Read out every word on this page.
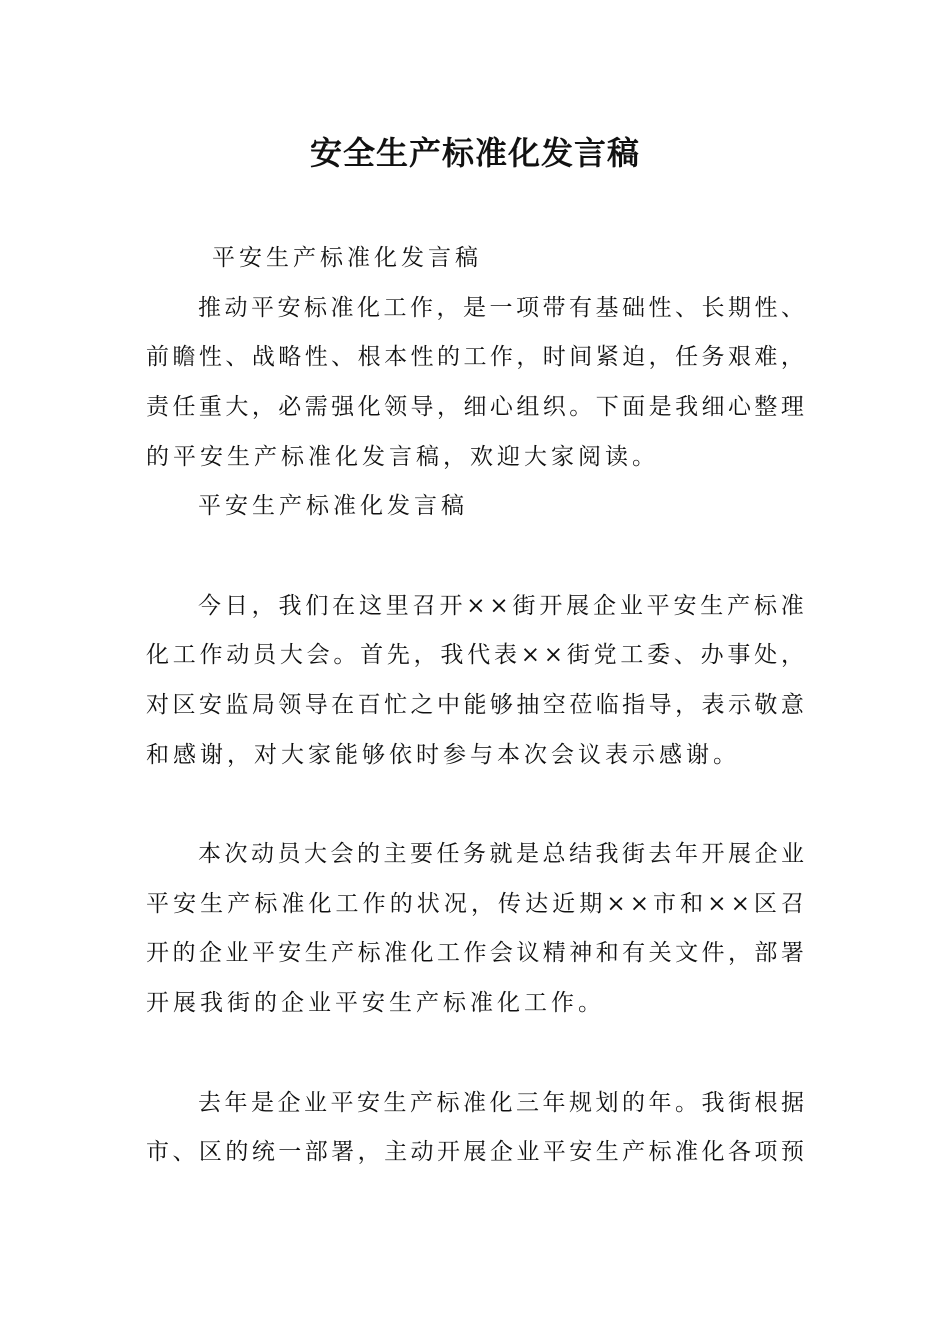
安全生产标准化发言稿
平安生产标准化发言稿
推 动 平 安 标 准 化 工 作 ， 是 一 项 带 有 基 础 性 、 长 期 性 、
前 瞻 性 、 战 略 性 、 根 本 性 的 工 作 ， 时 间 紧 迫 ， 任 务 艰 难 ，
责 任 重 大 ， 必 需 强 化 领 导 ， 细 心 组 织 。 下 面 是 我 细 心 整 理
的平安生产标准化发言稿，欢迎大家阅读。
平安生产标准化发言稿
今 日 ， 我 们 在 这 里 召 开 × × 街 开 展 企 业 平 安 生 产 标 准
化 工 作 动 员 大 会 。 首 先 ， 我 代 表 × × 街 党 工 委 、 办 事 处 ，
对 区 安 监 局 领 导 在 百 忙 之 中 能 够 抽 空 莅 临 指 导 ， 表 示 敬 意
和感谢，对大家能够依时参与本次会议表示感谢。
本 次 动 员 大 会 的 主 要 任 务 就 是 总 结 我 街 去 年 开 展 企 业
平 安 生 产 标 准 化 工 作 的 状 况 ， 传 达 近 期 × × 市 和 × × 区 召
开 的 企 业 平 安 生 产 标 准 化 工 作 会 议 精 神 和 有 关 文 件 ， 部 署
开展我街的企业平安生产标准化工作。
去 年 是 企 业 平 安 生 产 标 准 化 三 年 规 划 的 年 。 我 街 根 据
市 、 区 的 统 一 部 署 ， 主 动 开 展 企 业 平 安 生 产 标 准 化 各 项 预
